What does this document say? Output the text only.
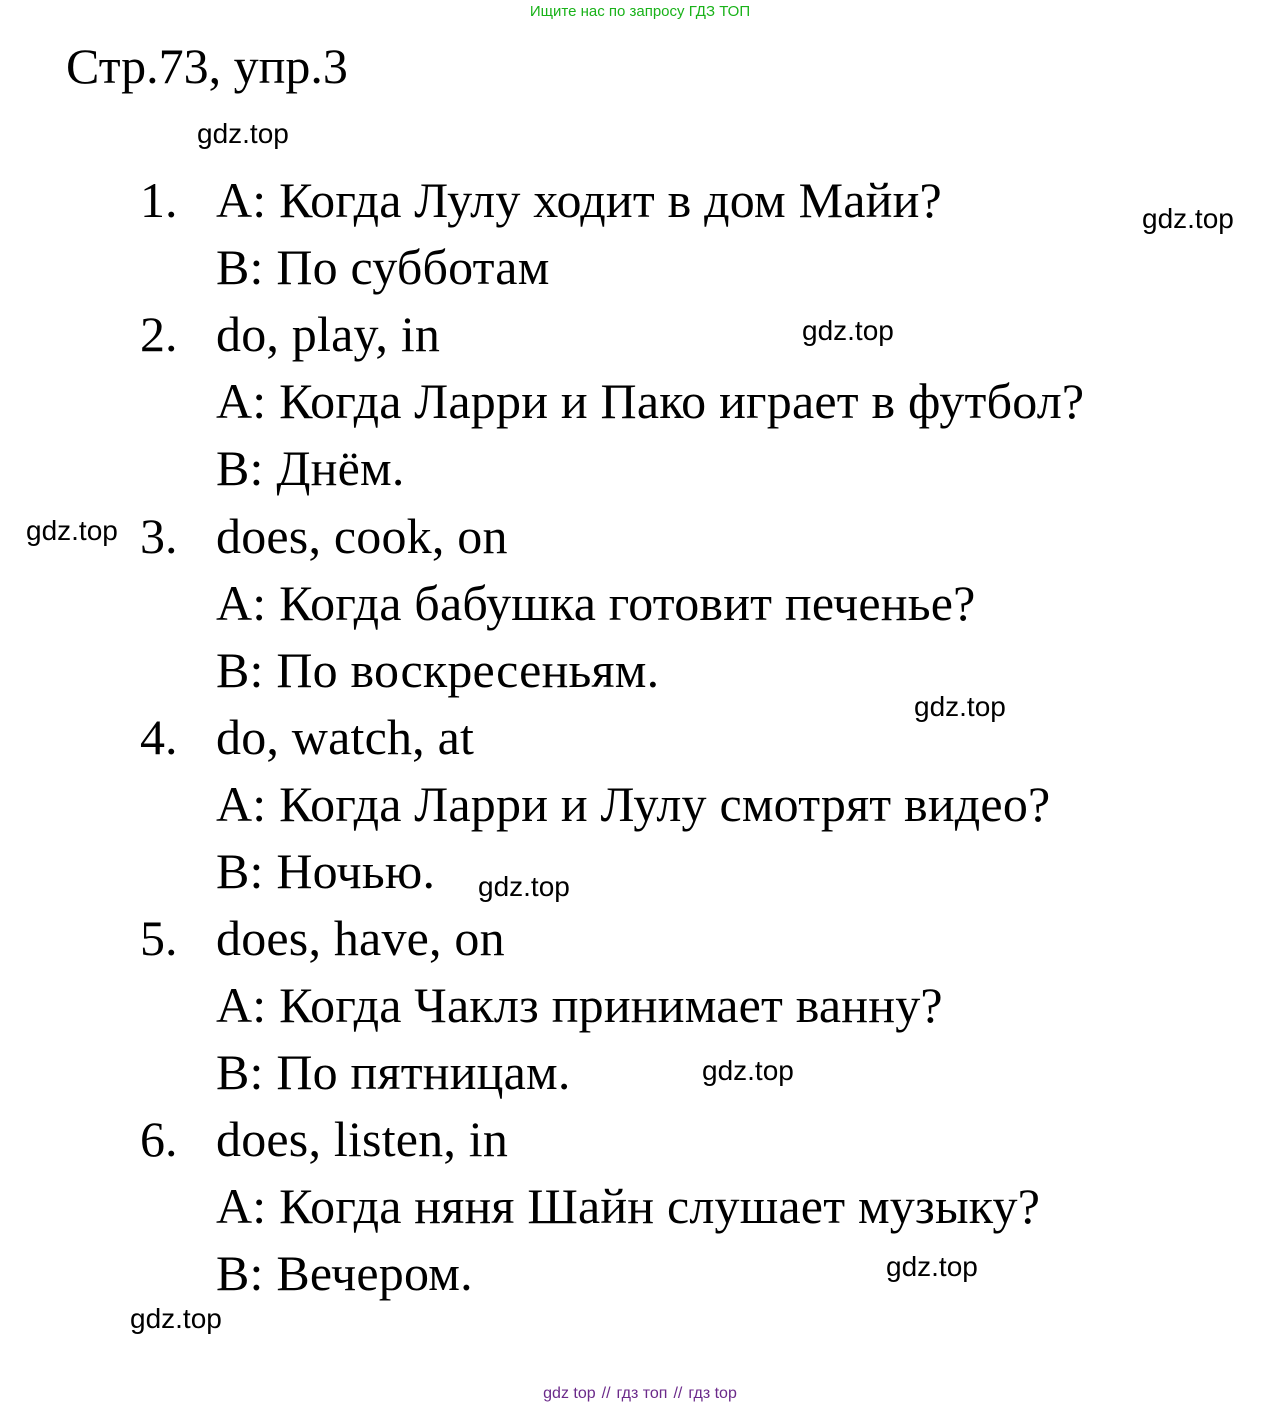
Ищите нас по запросу ГДЗ ТОП
Стр.73, упр.3
1. A: Когда Лулу ходит в дом Майи?
B: По субботам
2. do, play, in
A: Когда Ларри и Пако играет в футбол?
B: Днём.
3. does, cook, on
A: Когда бабушка готовит печенье?
B: По воскресеньям.
4. do, watch, at
A: Когда Ларри и Лулу смотрят видео?
B: Ночью.
5. does, have, on
A: Когда Чаклз принимает ванну?
B: По пятницам.
6. does, listen, in
A: Когда няня Шайн слушает музыку?
B: Вечером.
gdz.top
gdz.top
gdz.top
gdz.top
gdz.top
gdz.top
gdz.top
gdz.top
gdz.top
gdz top // гдз топ // гдз top
